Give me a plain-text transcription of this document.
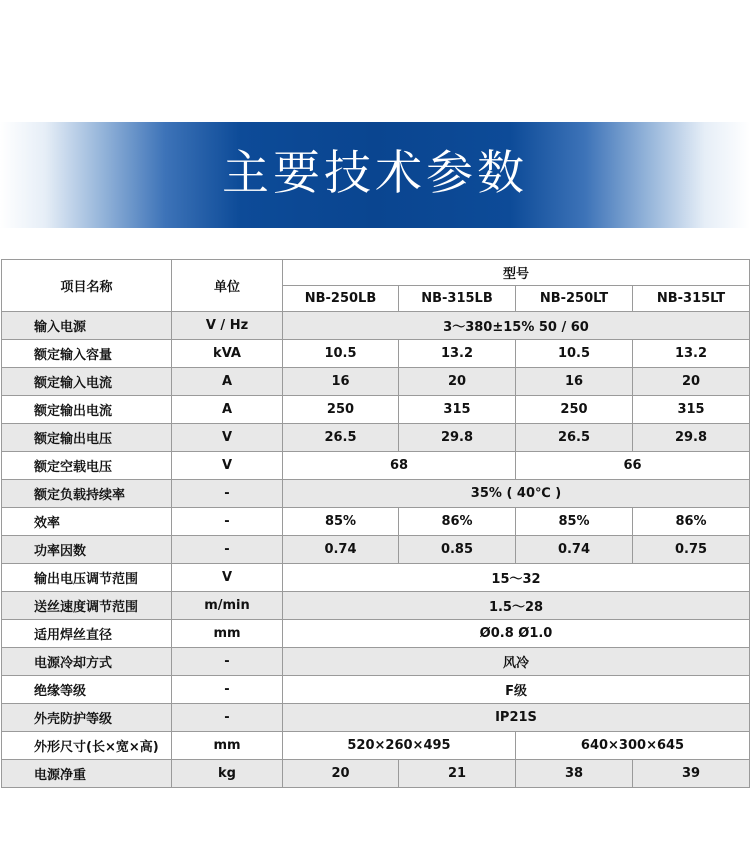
主要技术参数
项目名称	单位	型号			
		NB-250LB	NB-315LB	NB-250LT	NB-315LT
输入电源	V / Hz	3～380±15% 50 / 60			
额定输入容量	kVA	10.5	13.2	10.5	13.2
额定输入电流	A	16	20	16	20
额定输出电流	A	250	315	250	315
额定输出电压	V	26.5	29.8	26.5	29.8
额定空载电压	V	68		66	
额定负载持续率	-	35% ( 40℃ )			
效率	-	85%	86%	85%	86%
功率因数	-	0.74	0.85	0.74	0.75
输出电压调节范围	V	15～32			
送丝速度调节范围	m/min	1.5～28			
适用焊丝直径	mm	Ø0.8 Ø1.0			
电源冷却方式	-	风冷			
绝缘等级	-	F级			
外壳防护等级	-	IP21S			
外形尺寸(长×宽×高)	mm	520×260×495		640×300×645	
电源净重	kg	20	21	38	39
